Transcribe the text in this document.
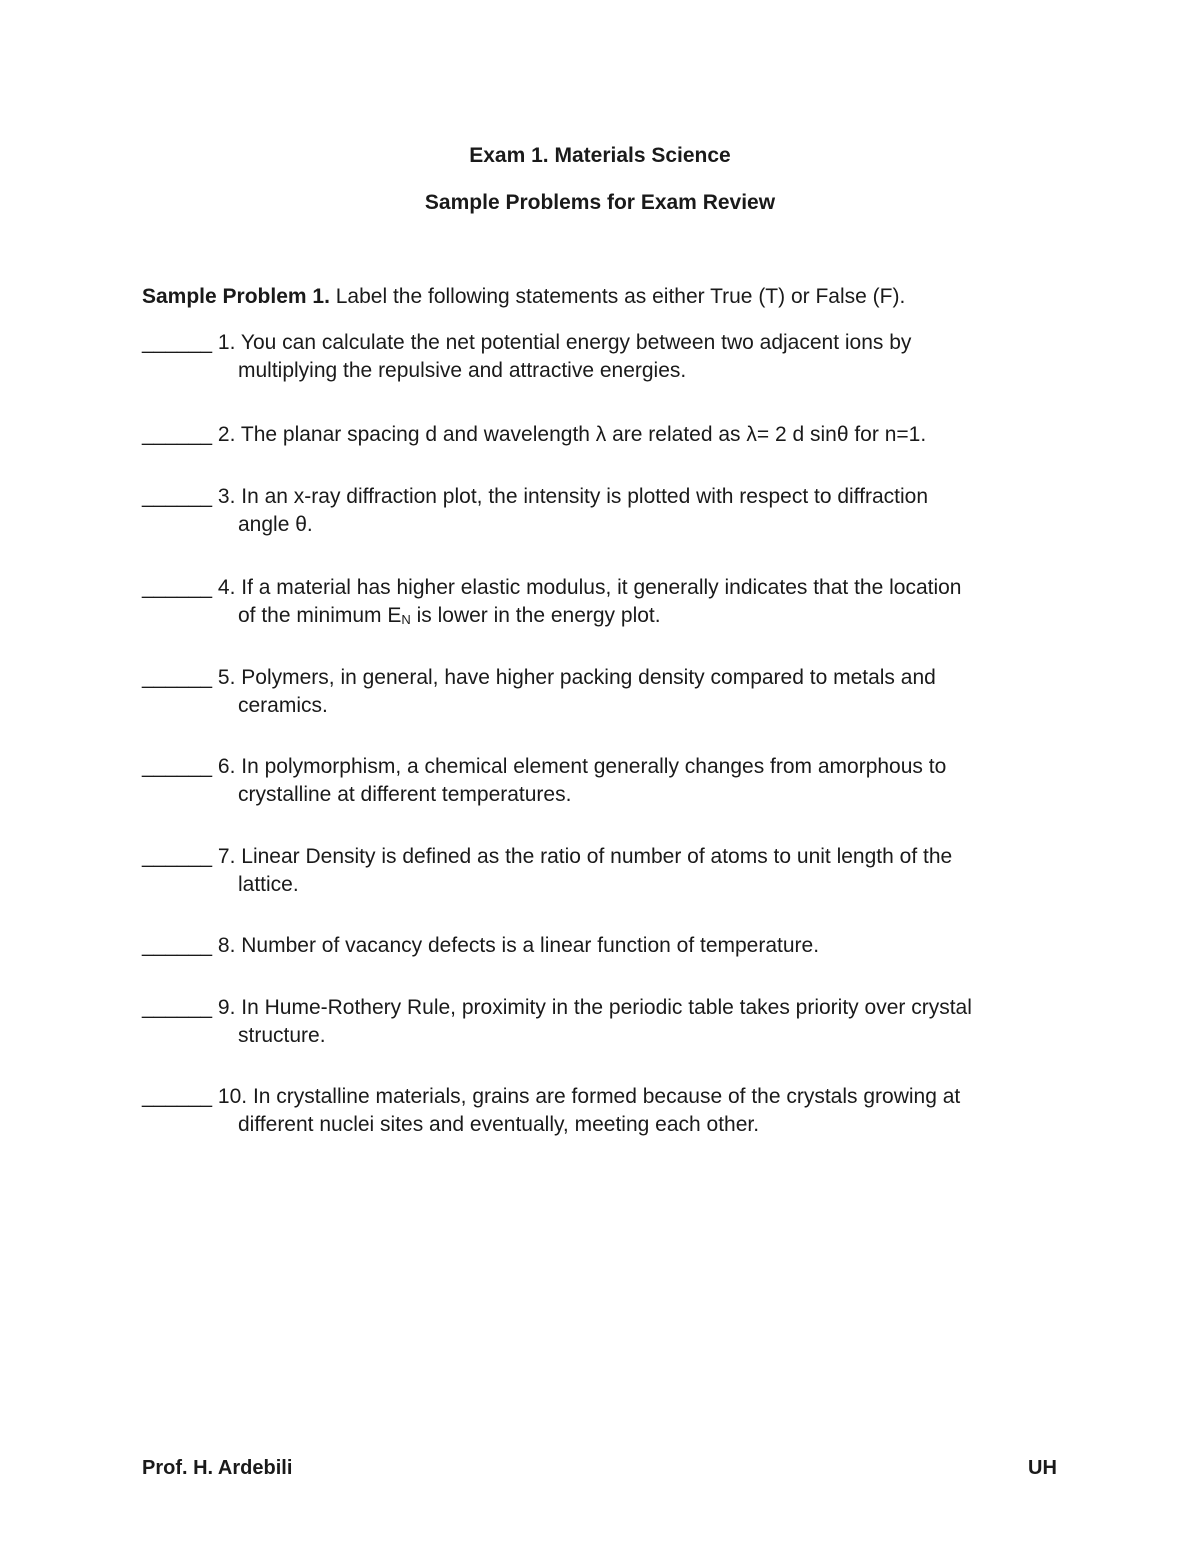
Exam 1. Materials Science
Sample Problems for Exam Review
Sample Problem 1. Label the following statements as either True (T) or False (F).
______ 1. You can calculate the net potential energy between two adjacent ions by
multiplying the repulsive and attractive energies.
______ 2. The planar spacing d and wavelength λ are related as λ= 2 d sinθ for n=1.
______ 3. In an x-ray diffraction plot, the intensity is plotted with respect to diffraction
angle θ.
______ 4. If a material has higher elastic modulus, it generally indicates that the location
of the minimum $E_N$ is lower in the energy plot.
______ 5. Polymers, in general, have higher packing density compared to metals and
ceramics.
______ 6. In polymorphism, a chemical element generally changes from amorphous to
crystalline at different temperatures.
______ 7. Linear Density is defined as the ratio of number of atoms to unit length of the
lattice.
______ 8. Number of vacancy defects is a linear function of temperature.
______ 9. In Hume-Rothery Rule, proximity in the periodic table takes priority over crystal
structure.
______ 10. In crystalline materials, grains are formed because of the crystals growing at
different nuclei sites and eventually, meeting each other.
Prof. H. Ardebili	UH
